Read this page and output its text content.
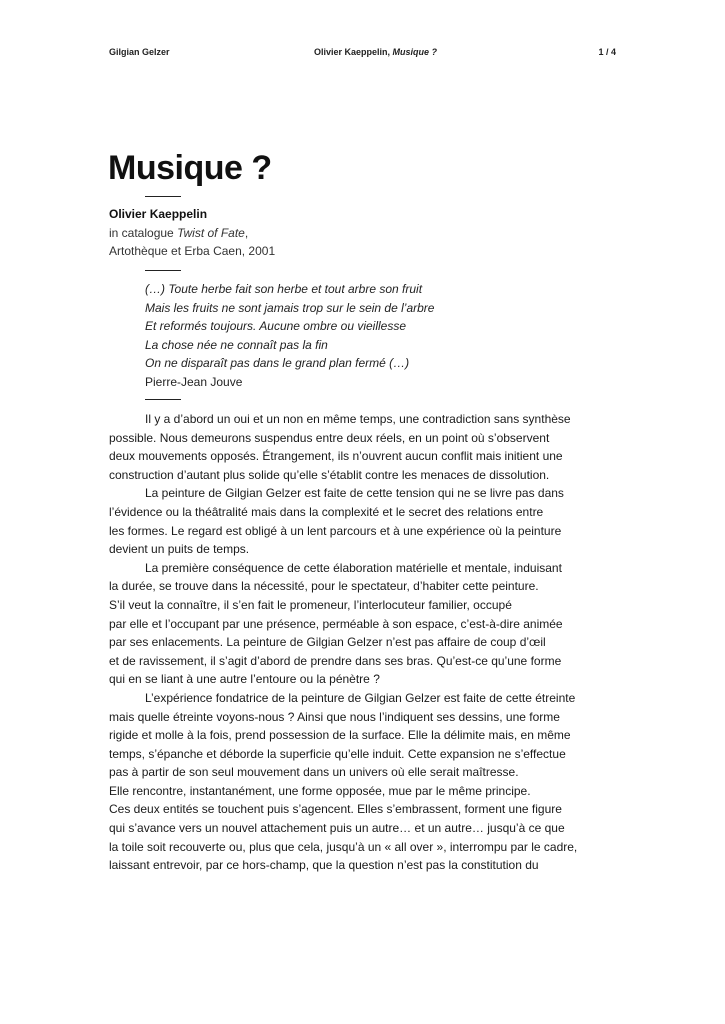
Gilgian Gelzer	Olivier Kaeppelin, Musique ?	1 / 4
Musique ?
Olivier Kaeppelin
in catalogue Twist of Fate,
Artothèque et Erba Caen, 2001
(…) Toute herbe fait son herbe et tout arbre son fruit
Mais les fruits ne sont jamais trop sur le sein de l’arbre
Et reformés toujours. Aucune ombre ou vieillesse
La chose née ne connaît pas la fin
On ne disparaît pas dans le grand plan fermé (…)
Pierre-Jean Jouve
Il y a d’abord un oui et un non en même temps, une contradiction sans synthèse
possible. Nous demeurons suspendus entre deux réels, en un point où s’observent
deux mouvements opposés. Étrangement, ils n’ouvrent aucun conflit mais initient une
construction d’autant plus solide qu’elle s’établit contre les menaces de dissolution.
La peinture de Gilgian Gelzer est faite de cette tension qui ne se livre pas dans
l’évidence ou la théâtralité mais dans la complexité et le secret des relations entre
les formes. Le regard est obligé à un lent parcours et à une expérience où la peinture
devient un puits de temps.
La première conséquence de cette élaboration matérielle et mentale, induisant
la durée, se trouve dans la nécessité, pour le spectateur, d’habiter cette peinture.
S’il veut la connaître, il s’en fait le promeneur, l’interlocuteur familier, occupé
par elle et l’occupant par une présence, perméable à son espace, c’est-à-dire animée
par ses enlacements. La peinture de Gilgian Gelzer n’est pas affaire de coup d’œil
et de ravissement, il s’agit d’abord de prendre dans ses bras. Qu’est-ce qu’une forme
qui en se liant à une autre l’entoure ou la pénètre ?
L’expérience fondatrice de la peinture de Gilgian Gelzer est faite de cette étreinte
mais quelle étreinte voyons-nous ? Ainsi que nous l’indiquent ses dessins, une forme
rigide et molle à la fois, prend possession de la surface. Elle la délimite mais, en même
temps, s’épanche et déborde la superficie qu’elle induit. Cette expansion ne s’effectue
pas à partir de son seul mouvement dans un univers où elle serait maîtresse.
Elle rencontre, instantanément, une forme opposée, mue par le même principe.
Ces deux entités se touchent puis s’agencent. Elles s’embrassent, forment une figure
qui s’avance vers un nouvel attachement puis un autre… et un autre… jusqu’à ce que
la toile soit recouverte ou, plus que cela, jusqu’à un « all over », interrompu par le cadre,
laissant entrevoir, par ce hors-champ, que la question n’est pas la constitution du
